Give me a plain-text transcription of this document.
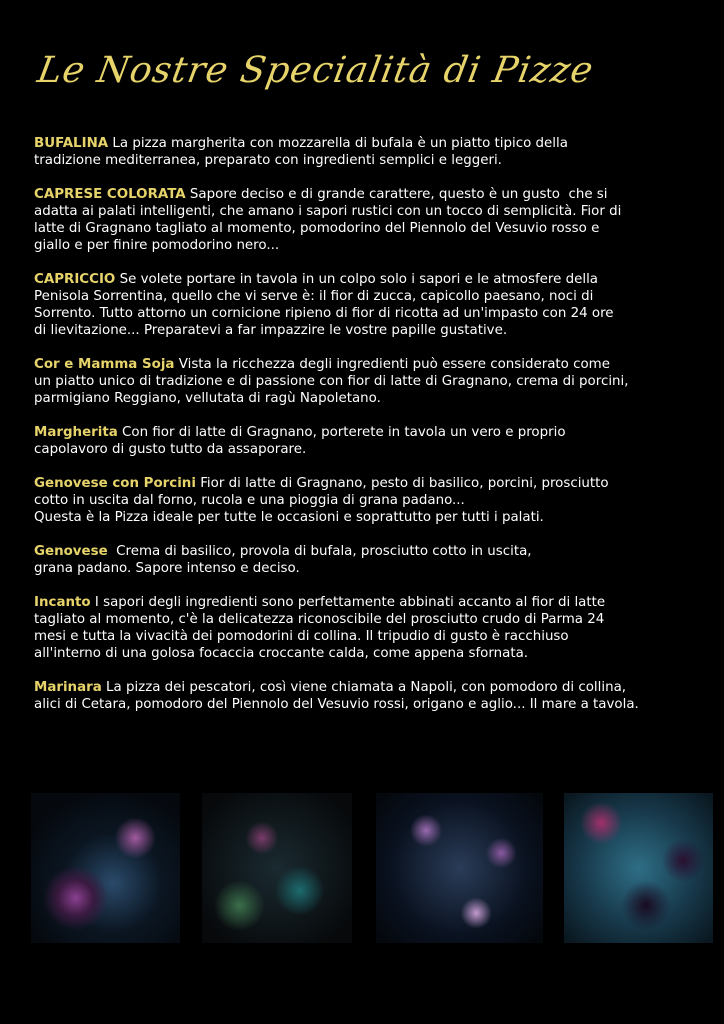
Le Nostre Specialità di Pizze
BUFALINA La pizza margherita con mozzarella di bufala è un piatto tipico della
tradizione mediterranea, preparato con ingredienti semplici e leggeri.
CAPRESE COLORATA Sapore deciso e di grande carattere, questo è un gusto  che si
adatta ai palati intelligenti, che amano i sapori rustici con un tocco di semplicità. Fior di
latte di Gragnano tagliato al momento, pomodorino del Piennolo del Vesuvio rosso e
giallo e per finire pomodorino nero...
CAPRICCIO Se volete portare in tavola in un colpo solo i sapori e le atmosfere della
Penisola Sorrentina, quello che vi serve è: il fior di zucca, capicollo paesano, noci di
Sorrento. Tutto attorno un cornicione ripieno di fior di ricotta ad un'impasto con 24 ore
di lievitazione... Preparatevi a far impazzire le vostre papille gustative.
Cor e Mamma Soja Vista la ricchezza degli ingredienti può essere considerato come
un piatto unico di tradizione e di passione con fior di latte di Gragnano, crema di porcini,
parmigiano Reggiano, vellutata di ragù Napoletano.
Margherita Con fior di latte di Gragnano, porterete in tavola un vero e proprio
capolavoro di gusto tutto da assaporare.
Genovese con Porcini Fior di latte di Gragnano, pesto di basilico, porcini, prosciutto
cotto in uscita dal forno, rucola e una pioggia di grana padano...
Questa è la Pizza ideale per tutte le occasioni e soprattutto per tutti i palati.
Genovese  Crema di basilico, provola di bufala, prosciutto cotto in uscita,
grana padano. Sapore intenso e deciso.
Incanto I sapori degli ingredienti sono perfettamente abbinati accanto al fior di latte
tagliato al momento, c'è la delicatezza riconoscibile del prosciutto crudo di Parma 24
mesi e tutta la vivacità dei pomodorini di collina. Il tripudio di gusto è racchiuso
all'interno di una golosa focaccia croccante calda, come appena sfornata.
Marinara La pizza dei pescatori, così viene chiamata a Napoli, con pomodoro di collina,
alici di Cetara, pomodoro del Piennolo del Vesuvio rossi, origano e aglio... Il mare a tavola.
